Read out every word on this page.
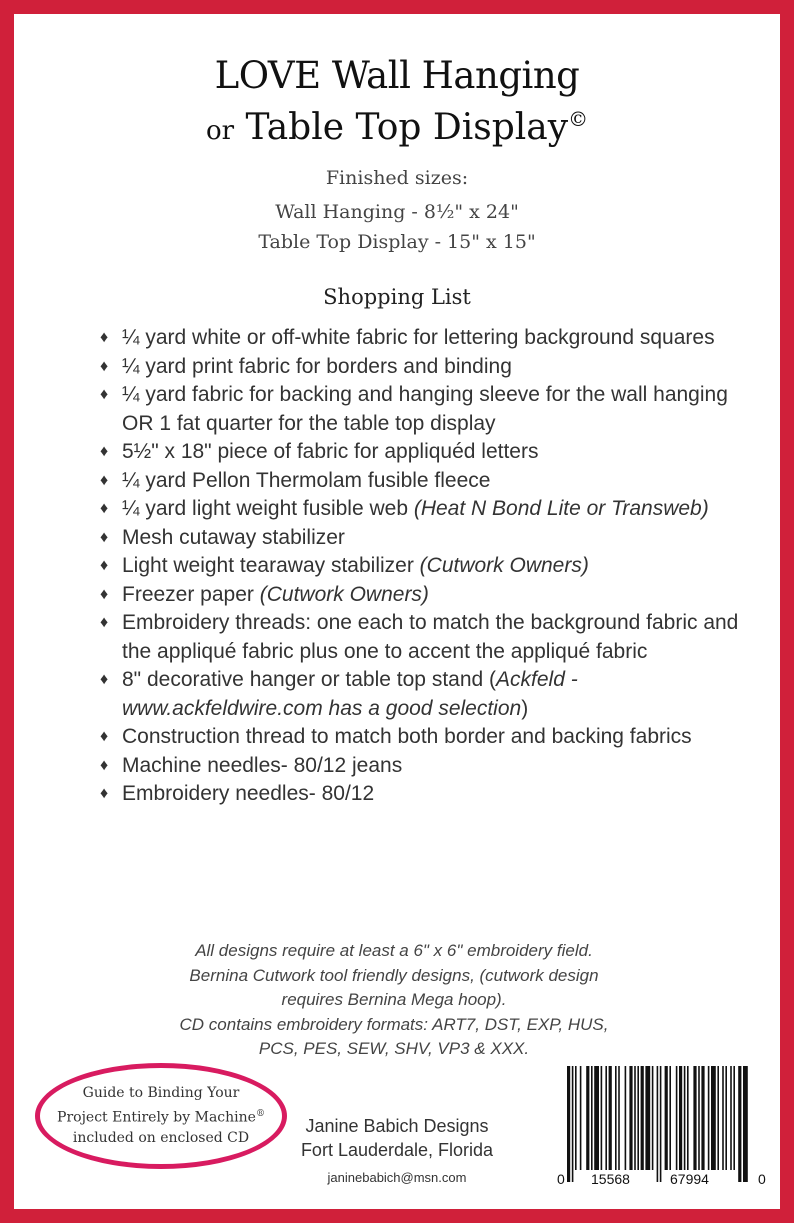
LOVE Wall Hanging
or Table Top Display©
Finished sizes:
Wall Hanging - 8½" x 24"
Table Top Display - 15" x 15"
Shopping List
♦ ¼ yard white or off-white fabric for lettering background squares
♦ ¼ yard print fabric for borders and binding
♦ ¼ yard fabric for backing and hanging sleeve for the wall hanging OR 1 fat quarter for the table top display
♦ 5½" x 18" piece of fabric for appliquéd letters
♦ ¼ yard Pellon Thermolam fusible fleece
♦ ¼ yard light weight fusible web (Heat N Bond Lite or Transweb)
♦ Mesh cutaway stabilizer
♦ Light weight tearaway stabilizer (Cutwork Owners)
♦ Freezer paper (Cutwork Owners)
♦ Embroidery threads: one each to match the background fabric and the appliqué fabric plus one to accent the appliqué fabric
♦ 8" decorative hanger or table top stand (Ackfeld - www.ackfeldwire.com has a good selection)
♦ Construction thread to match both border and backing fabrics
♦ Machine needles- 80/12 jeans
♦ Embroidery needles- 80/12
All designs require at least a 6" x 6" embroidery field.
Bernina Cutwork tool friendly designs, (cutwork design
requires Bernina Mega hoop).
CD contains embroidery formats: ART7, DST, EXP, HUS,
PCS, PES, SEW, SHV, VP3 & XXX.
Guide to Binding Your
Project Entirely by Machine®
included on enclosed CD
Janine Babich Designs
Fort Lauderdale, Florida
janinebabich@msn.com	0 15568	67994	0
